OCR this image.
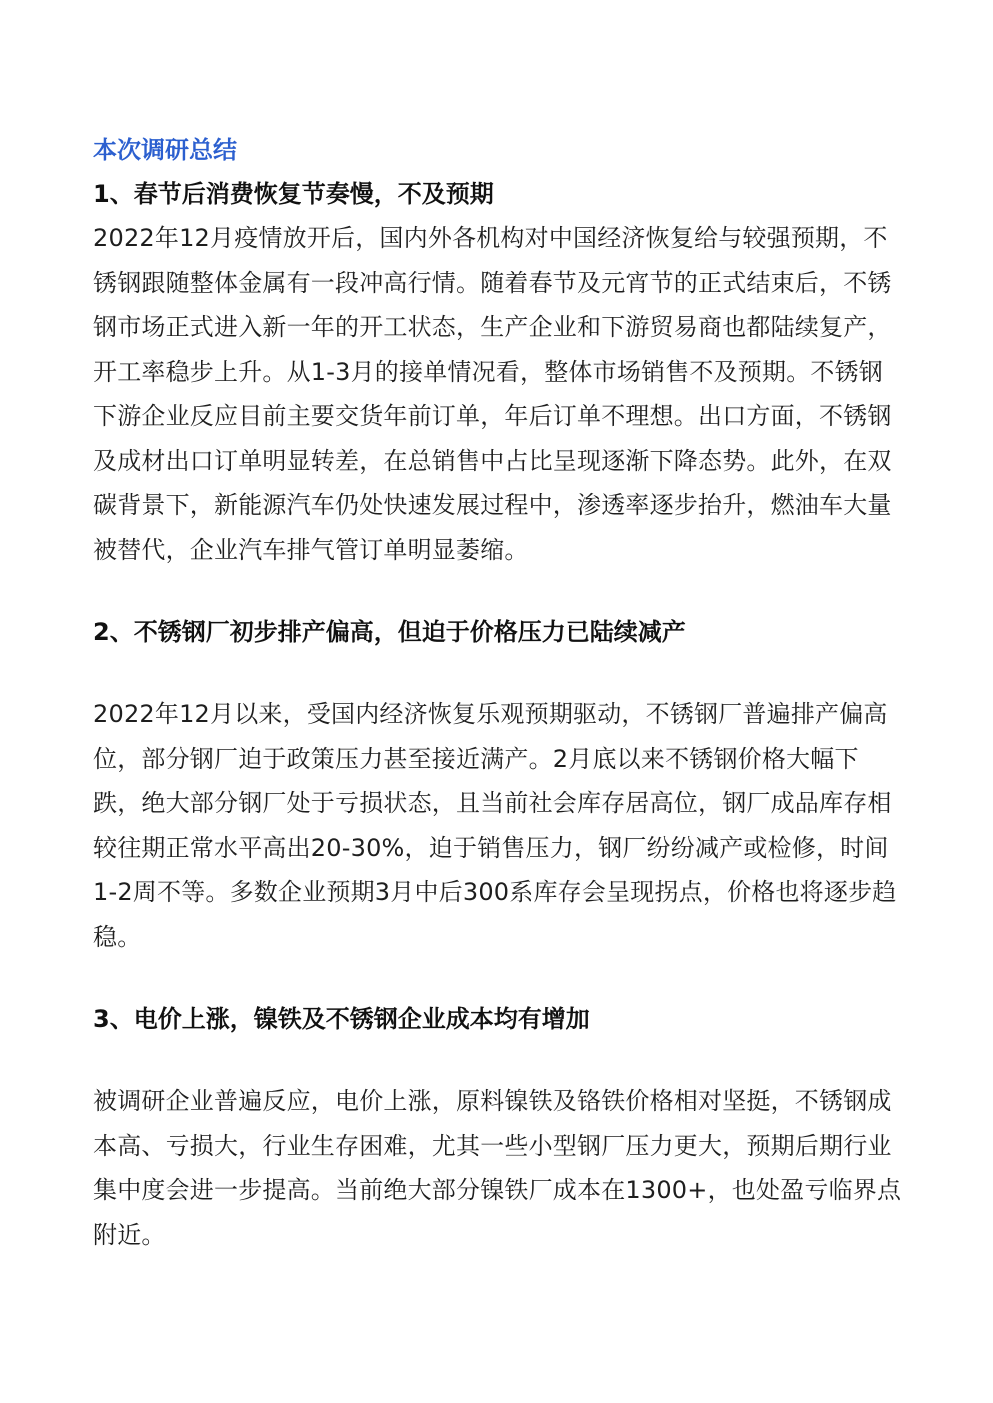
本次调研总结
1、春节后消费恢复节奏慢，不及预期

2022年12月疫情放开后，国内外各机构对中国经济恢复给与较强预期，不锈钢跟随整体金属有一段冲高行情。随着春节及元宵节的正式结束后，不锈钢市场正式进入新一年的开工状态，生产企业和下游贸易商也都陆续复产，开工率稳步上升。从1-3月的接单情况看，整体市场销售不及预期。不锈钢下游企业反应目前主要交货年前订单，年后订单不理想。出口方面，不锈钢及成材出口订单明显转差，在总销售中占比呈现逐渐下降态势。此外，在双碳背景下，新能源汽车仍处快速发展过程中，渗透率逐步抬升，燃油车大量被替代，企业汽车排气管订单明显萎缩。

2、不锈钢厂初步排产偏高，但迫于价格压力已陆续减产

2022年12月以来，受国内经济恢复乐观预期驱动，不锈钢厂普遍排产偏高位，部分钢厂迫于政策压力甚至接近满产。2月底以来不锈钢价格大幅下跌，绝大部分钢厂处于亏损状态，且当前社会库存居高位，钢厂成品库存相较往期正常水平高出20-30%，迫于销售压力，钢厂纷纷减产或检修，时间1-2周不等。多数企业预期3月中后300系库存会呈现拐点，价格也将逐步趋稳。

3、电价上涨，镍铁及不锈钢企业成本均有增加

被调研企业普遍反应，电价上涨，原料镍铁及铬铁价格相对坚挺，不锈钢成本高、亏损大，行业生存困难，尤其一些小型钢厂压力更大，预期后期行业集中度会进一步提高。当前绝大部分镍铁厂成本在1300+，也处盈亏临界点附近。
